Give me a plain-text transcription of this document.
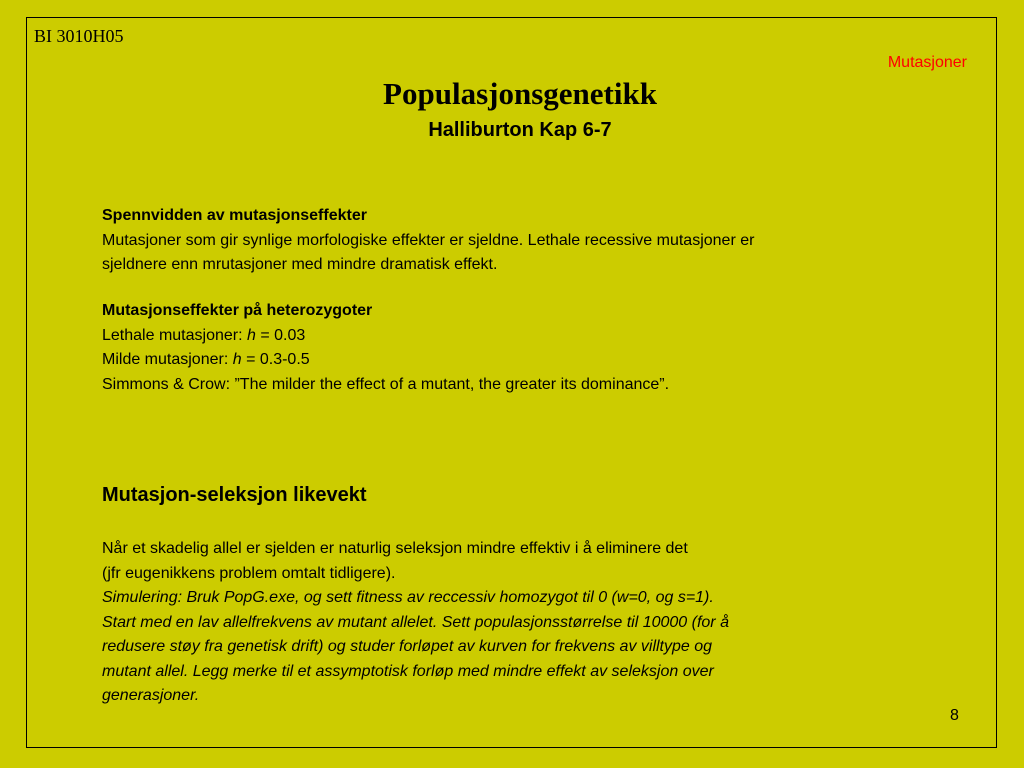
BI 3010H05
Mutasjoner
Populasjonsgenetikk
Halliburton Kap 6-7
Spennvidden av mutasjonseffekter
Mutasjoner som gir synlige morfologiske effekter er sjeldne. Lethale recessive mutasjoner er
sjeldnere enn mrutasjoner med mindre dramatisk effekt.
Mutasjonseffekter på heterozygoter
Lethale mutasjoner: h = 0.03
Milde mutasjoner: h = 0.3-0.5
Simmons & Crow: ”The milder the effect of a mutant, the greater its dominance”.
Mutasjon-seleksjon likevekt
Når et skadelig allel er sjelden er naturlig seleksjon mindre effektiv i å eliminere det
(jfr eugenikkens problem omtalt tidligere).
Simulering: Bruk PopG.exe, og sett fitness av reccessiv homozygot til 0 (w=0, og s=1).
Start med en lav allelfrekvens av mutant allelet. Sett populasjonsstørrelse til 10000 (for å
redusere støy fra genetisk drift) og studer forløpet av kurven for frekvens av villtype og
mutant allel. Legg merke til et assymptotisk forløp med mindre effekt av seleksjon over
generasjoner.
8
